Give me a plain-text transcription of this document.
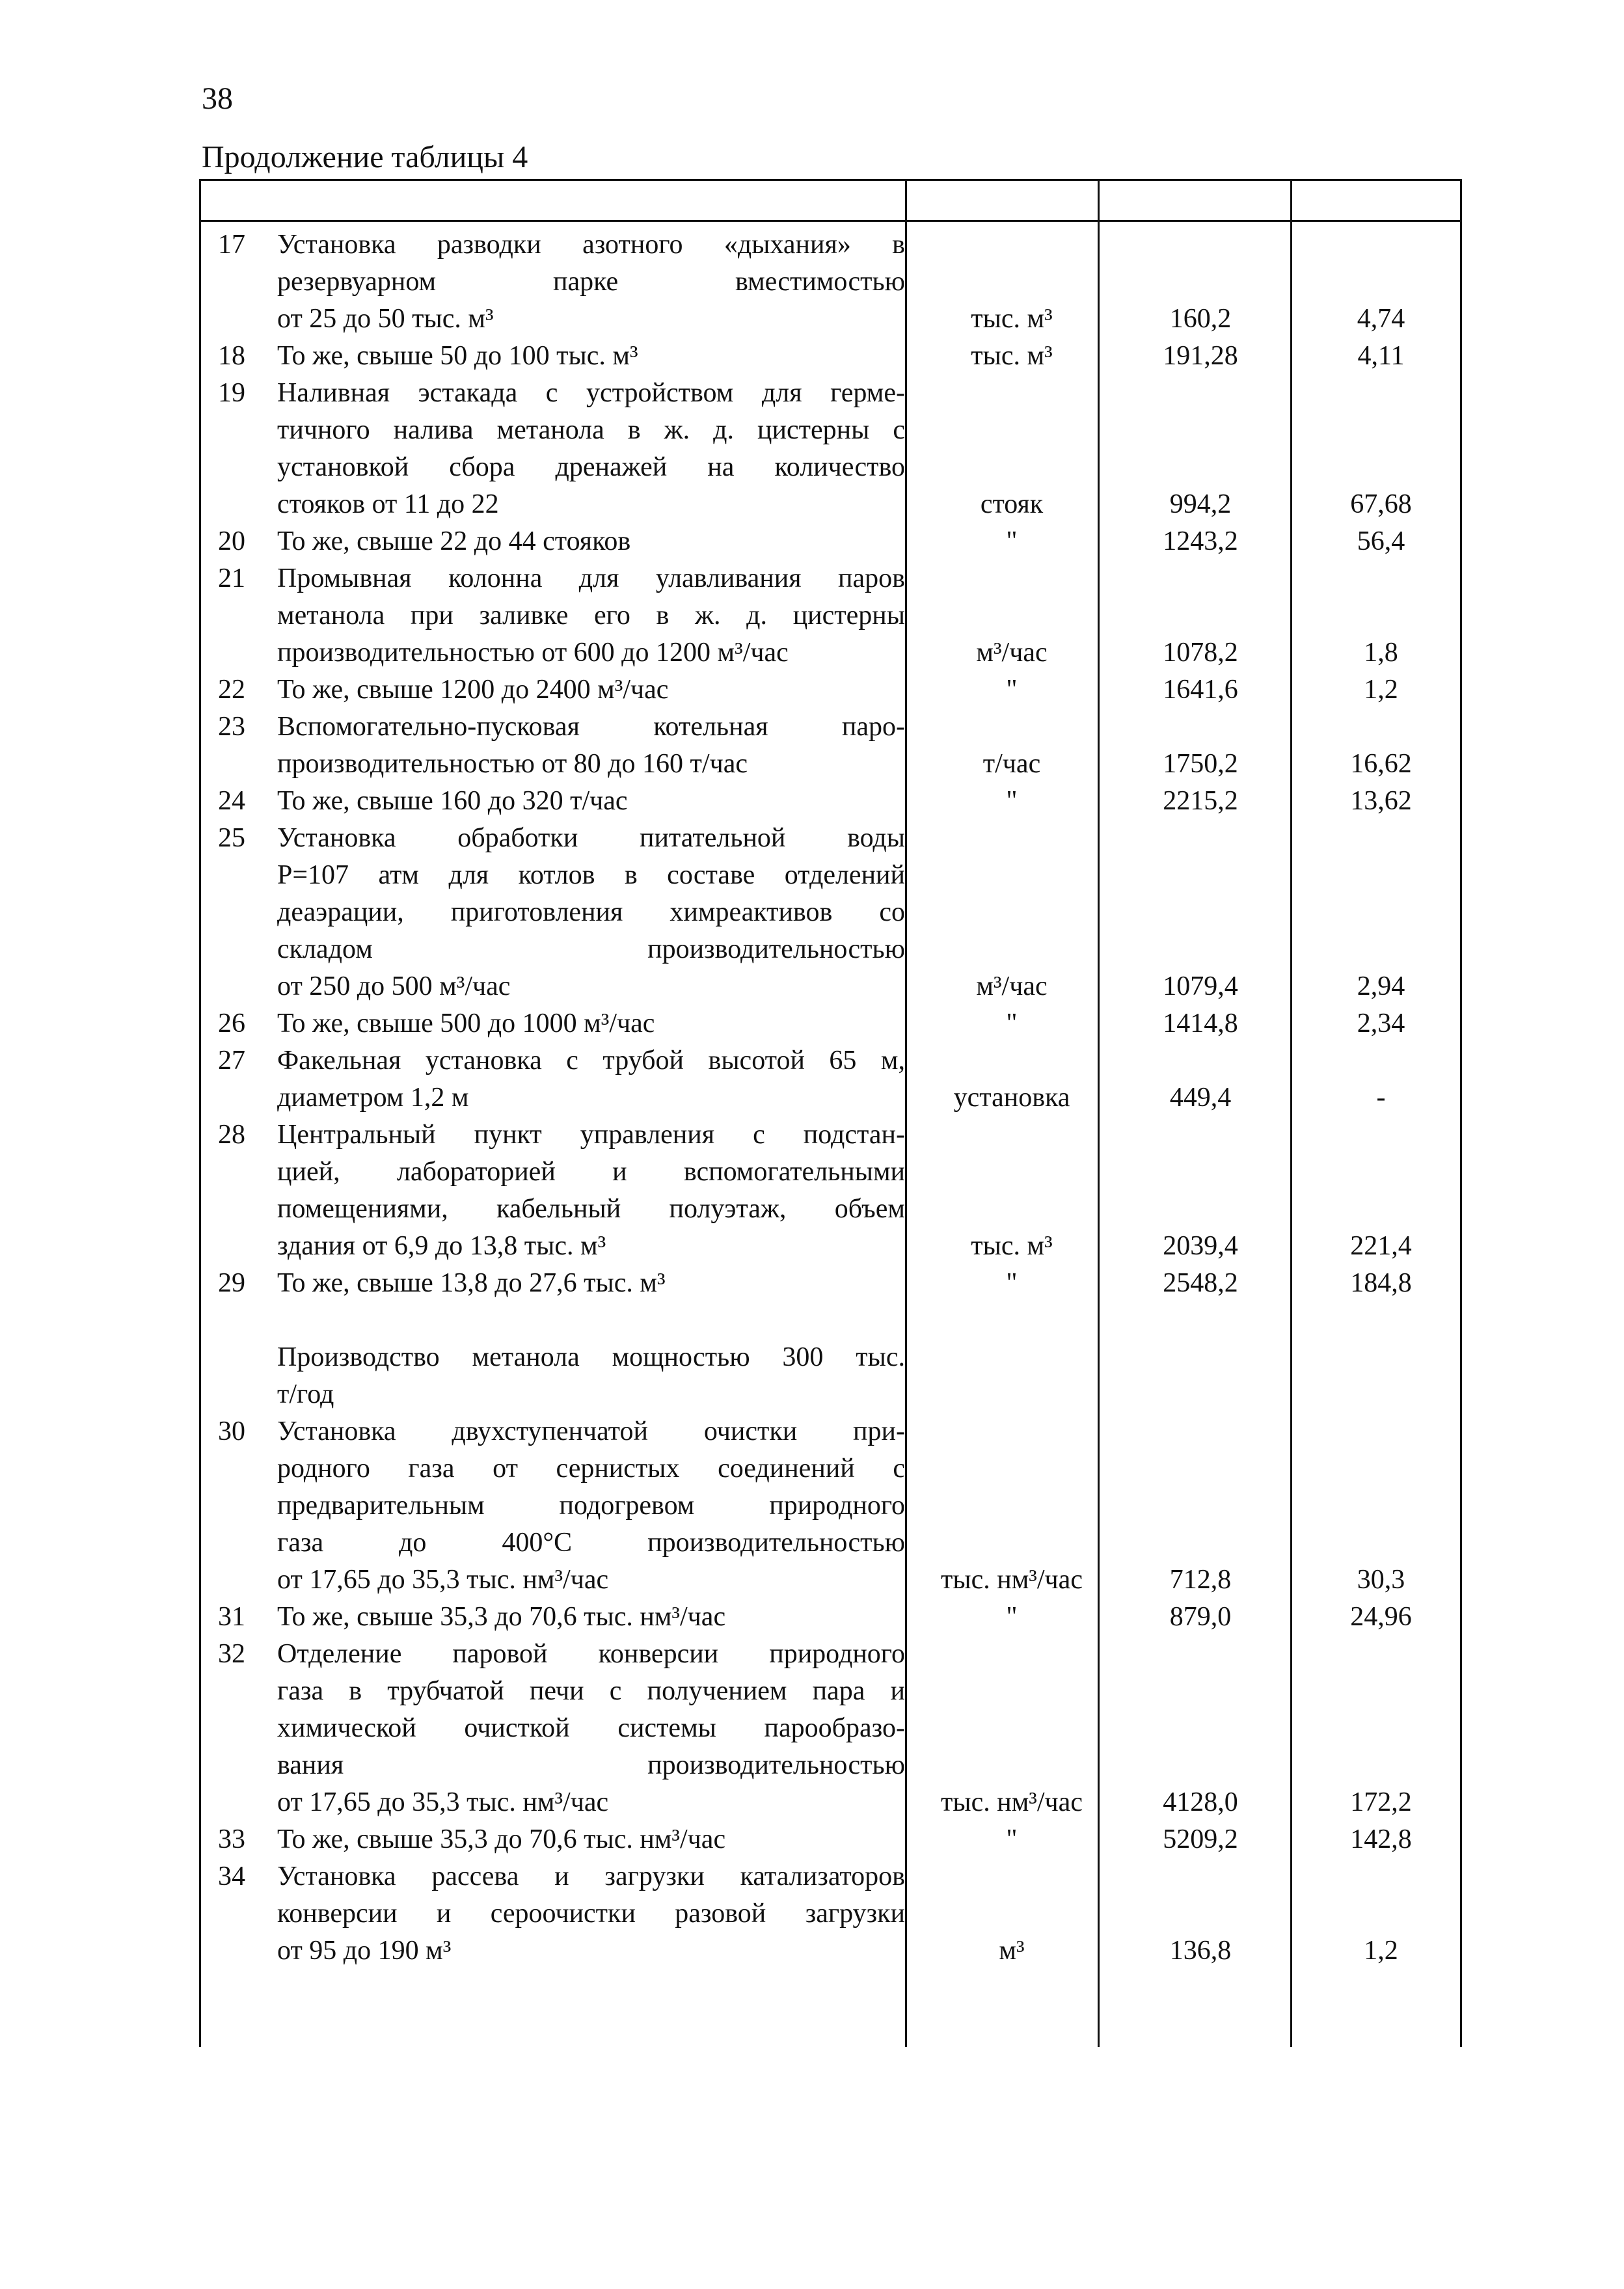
38
Продолжение таблицы 4
17	Установка разводки азотного «дыхания» в
резервуарном парке вместимостью
от 25 до 50 тыс. м³	тыс. м³	160,2	4,74
18	То же, свыше 50 до 100 тыс. м³	тыс. м³	191,28	4,11
19	Наливная эстакада с устройством для герме-
тичного налива метанола в ж. д. цистерны с
установкой сбора дренажей на количество
стояков от 11 до 22	стояк	994,2	67,68
20	То же, свыше 22 до 44 стояков	"	1243,2	56,4
21	Промывная колонна для улавливания паров
метанола при заливке его в ж. д. цистерны
производительностью от 600 до 1200 м³/час	м³/час	1078,2	1,8
22	То же, свыше 1200 до 2400 м³/час	"	1641,6	1,2
23	Вспомогательно-пусковая котельная паро-
производительностью от 80 до 160 т/час	т/час	1750,2	16,62
24	То же, свыше 160 до 320 т/час	"	2215,2	13,62
25	Установка обработки питательной воды
Р=107 атм для котлов в составе отделений
деаэрации, приготовления химреактивов со
складом производительностью
от 250 до 500 м³/час	м³/час	1079,4	2,94
26	То же, свыше 500 до 1000 м³/час	"	1414,8	2,34
27	Факельная установка с трубой высотой 65 м,
диаметром 1,2 м	установка	449,4	-
28	Центральный пункт управления с подстан-
цией, лабораторией и вспомогательными
помещениями, кабельный полуэтаж, объем
здания от 6,9 до 13,8 тыс. м³	тыс. м³	2039,4	221,4
29	То же, свыше 13,8 до 27,6 тыс. м³	"	2548,2	184,8
Производство метанола мощностью 300 тыс.
т/год
30	Установка двухступенчатой очистки при-
родного газа от сернистых соединений с
предварительным подогревом природного
газа до 400°С производительностью
от 17,65 до 35,3 тыс. нм³/час	тыс. нм³/час	712,8	30,3
31	То же, свыше 35,3 до 70,6 тыс. нм³/час	"	879,0	24,96
32	Отделение паровой конверсии природного
газа в трубчатой печи с получением пара и
химической очисткой системы парообразо-
вания производительностью
от 17,65 до 35,3 тыс. нм³/час	тыс. нм³/час	4128,0	172,2
33	То же, свыше 35,3 до 70,6 тыс. нм³/час	"	5209,2	142,8
34	Установка рассева и загрузки катализаторов
конверсии и сероочистки разовой загрузки
от 95 до 190 м³	м³	136,8	1,2
